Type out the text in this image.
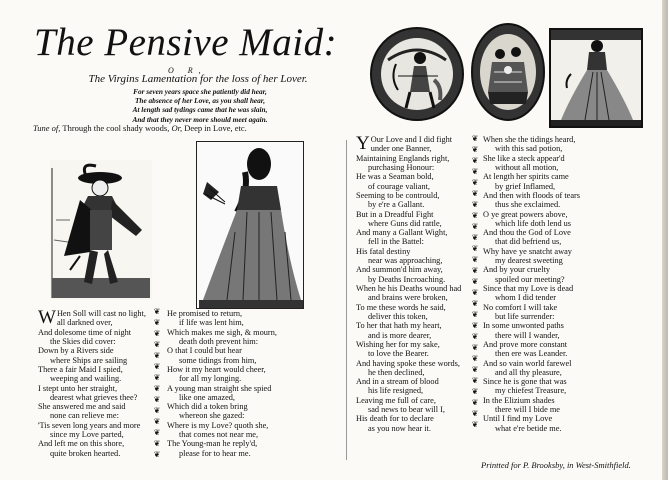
The Pensive Maid:
O R,
The Virgins Lamentation for the loss of her Lover.
For seven years space she patiently did hear,
The absence of her Love, as you shall hear,
At length sad tydings came that he was slain,
And that they never more should meet again.
Tune of, Through the cool shady woods, Or, Deep in Love, etc.
W Hen Soll will cast no light,
all darkned over,
And dolesome time of night
the Skies did cover:
Down by a Rivers side
where Ships are sailing
There a fair Maid I spied,
weeping and wailing.
I stept unto her straight,
dearest what grieves thee?
She answered me and said
none can relieve me:
'Tis seven long years and more
since my Love parted,
And left me on this shore,
quite broken hearted.
❦
❦
❦
❦
❦
❦
❦
❦
❦
❦
❦
❦
❦
❦
He promised to return,
if life was lent him,
Which makes me sigh, & mourn,
death doth prevent him:
O that I could but hear
some tidings from him,
How it my heart would cheer,
for all my longing.
A young man straight she spied
like one amazed,
Which did a token bring
whereon she gazed:
Where is my Love? quoth she,
that comes not near me,
The Young-man he reply'd,
please for to hear me.
Y Our Love and I did fight
under one Banner,
Maintaining Englands right,
purchasing Honour:
He was a Seaman bold,
of courage valiant,
Seeming to be contrould,
by e're a Gallant.
But in a Dreadful Fight
where Guns did rattle,
And many a Gallant Wight,
fell in the Battel:
His fatal destiny
near was approaching,
And summon'd him away,
by Deaths Incroaching.
When he his Deaths wound had
and brains were broken,
To me these words he said,
deliver this token,
To her that hath my heart,
and is more dearer,
Wishing her for my sake,
to love the Bearer.
And having spoke these words,
he then declined,
And in a stream of blood
his life resigned,
Leaving me full of care,
sad news to bear will I,
His death for to declare
as you now hear it.
❦
❦
❦
❦
❦
❦
❦
❦
❦
❦
❦
❦
❦
❦
❦
❦
❦
❦
❦
❦
❦
❦
❦
❦
❦
❦
❦
When she the tidings heard,
with this sad potion,
She like a steck appear'd
without all motion,
At length her spirits came
by grief Inflamed,
And then with floods of tears
thus she exclaimed.
O ye great powers above,
which life doth lend us
And thou the God of Love
that did befriend us,
Why have ye snatcht away
my dearest sweeting
And by your cruelty
spoiled our meeting?
Since that my Love is dead
whom I did tender
No comfort I will take
but life surrender:
In some unwonted paths
there will I wander,
And prove more constant
then ere was Leander.
And so vain world farewel
and all thy pleasure,
Since he is gone that was
my chiefest Treasure,
In the Elizium shades
there will I bide me
Until I find my Love
what e're betide me.
Printted for P. Brooksby, in West-Smithfield.
